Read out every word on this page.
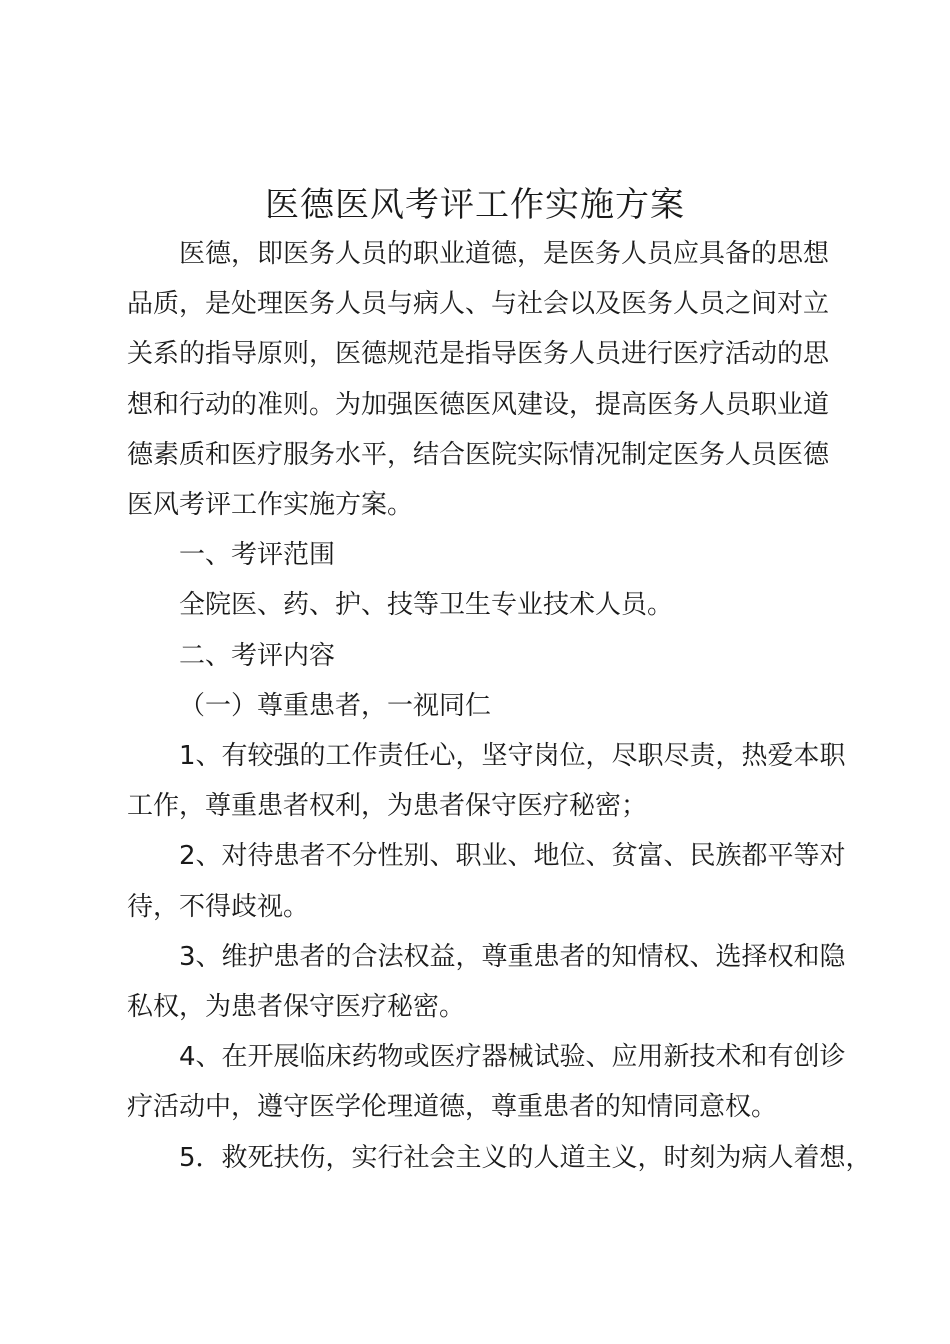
医德医风考评工作实施方案
医德，即医务人员的职业道德，是医务人员应具备的思想
品质，是处理医务人员与病人、与社会以及医务人员之间对立
关系的指导原则，医德规范是指导医务人员进行医疗活动的思
想和行动的准则。为加强医德医风建设，提高医务人员职业道
德素质和医疗服务水平，结合医院实际情况制定医务人员医德
医风考评工作实施方案。
一、考评范围
全院医、药、护、技等卫生专业技术人员。
二、考评内容
（一）尊重患者，一视同仁
1、有较强的工作责任心，坚守岗位，尽职尽责，热爱本职
工作，尊重患者权利，为患者保守医疗秘密；
2、对待患者不分性别、职业、地位、贫富、民族都平等对
待，不得歧视。
3、维护患者的合法权益，尊重患者的知情权、选择权和隐
私权，为患者保守医疗秘密。
4、在开展临床药物或医疗器械试验、应用新技术和有创诊
疗活动中，遵守医学伦理道德，尊重患者的知情同意权。
5．救死扶伤，实行社会主义的人道主义，时刻为病人着想，
